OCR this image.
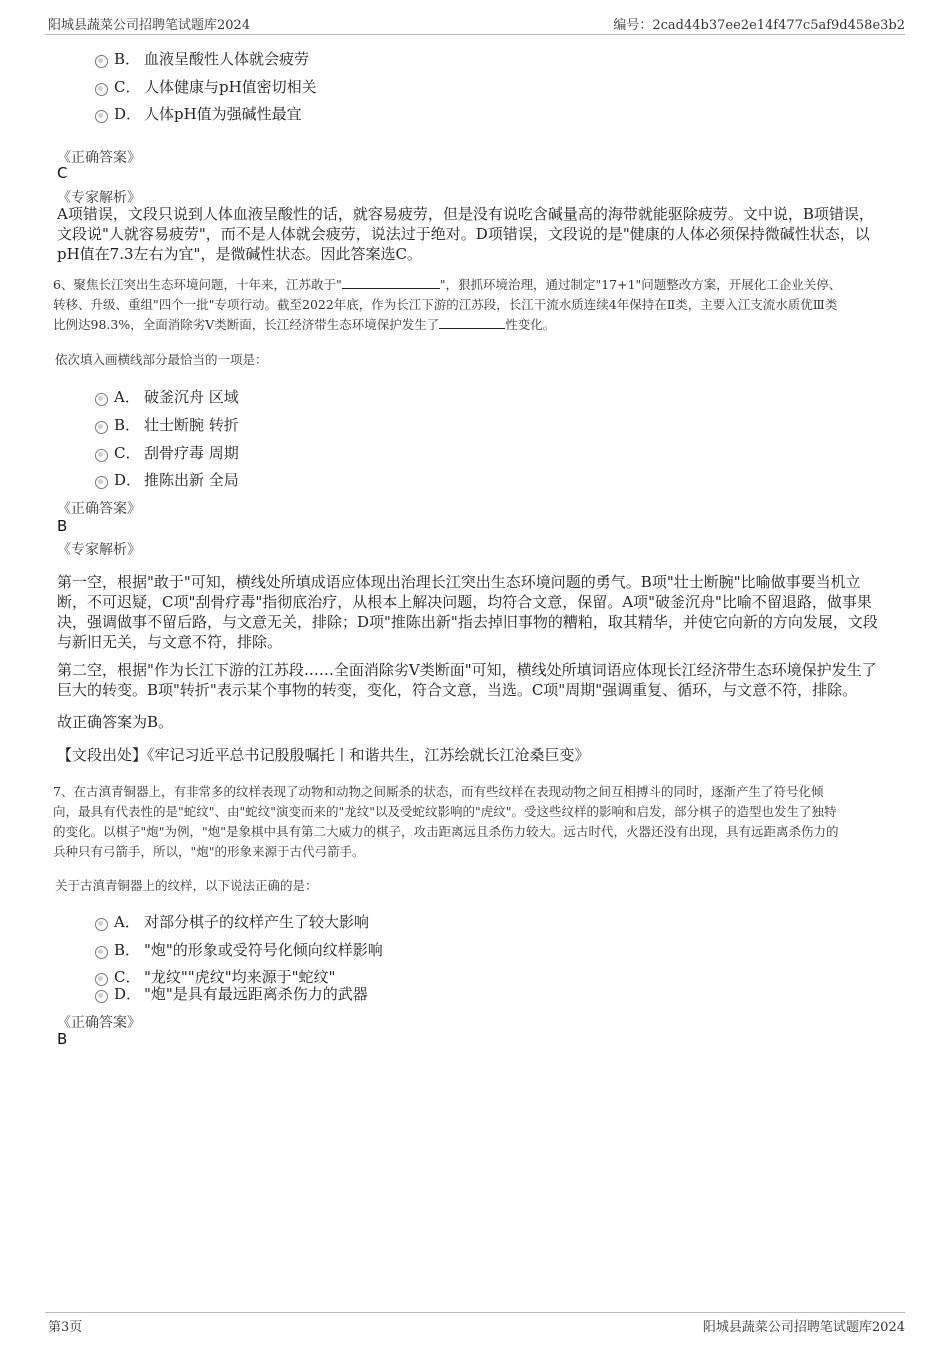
阳城县蔬菜公司招聘笔试题库2024	编号：2cad44b37ee2e14f477c5af9d458e3b2
B． 血液呈酸性人体就会疲劳
C． 人体健康与pH值密切相关
D． 人体pH值为强碱性最宜
《正确答案》
C
《专家解析》
A项错误，文段只说到人体血液呈酸性的话，就容易疲劳，但是没有说吃含碱量高的海带就能驱除疲劳。文中说，B项错误，
文段说"人就容易疲劳"，而不是人体就会疲劳，说法过于绝对。D项错误，文段说的是"健康的人体必须保持微碱性状态，以
pH值在7.3左右为宜"，是微碱性状态。因此答案选C。
6、聚焦长江突出生态环境问题，十年来，江苏敢于"	"，狠抓环境治理，通过制定"17+1"问题整改方案，开展化工企业关停、
转移、升级、重组"四个一批"专项行动。截至2022年底，作为长江下游的江苏段，长江干流水质连续4年保持在Ⅱ类，主要入江支流水质优Ⅲ类
比例达98.3%，全面消除劣V类断面，长江经济带生态环境保护发生了	性变化。
依次填入画横线部分最恰当的一项是：
A． 破釜沉舟 区域
B． 壮士断腕 转折
C． 刮骨疗毒 周期
D． 推陈出新 全局
《正确答案》
B
《专家解析》
第一空，根据"敢于"可知，横线处所填成语应体现出治理长江突出生态环境问题的勇气。B项"壮士断腕"比喻做事要当机立
断，不可迟疑，C项"刮骨疗毒"指彻底治疗，从根本上解决问题，均符合文意，保留。A项"破釜沉舟"比喻不留退路，做事果
决，强调做事不留后路，与文意无关，排除；D项"推陈出新"指去掉旧事物的糟粕，取其精华，并使它向新的方向发展，文段
与新旧无关，与文意不符，排除。
第二空，根据"作为长江下游的江苏段……全面消除劣V类断面"可知，横线处所填词语应体现长江经济带生态环境保护发生了
巨大的转变。B项"转折"表示某个事物的转变，变化，符合文意，当选。C项"周期"强调重复、循环，与文意不符，排除。
故正确答案为B。
【文段出处】《牢记习近平总书记殷殷嘱托丨和谐共生，江苏绘就长江沧桑巨变》
7、在古滇青铜器上，有非常多的纹样表现了动物和动物之间厮杀的状态，而有些纹样在表现动物之间互相搏斗的同时，逐渐产生了符号化倾
向，最具有代表性的是"蛇纹"、由"蛇纹"演变而来的"龙纹"以及受蛇纹影响的"虎纹"。受这些纹样的影响和启发，部分棋子的造型也发生了独特
的变化。以棋子"炮"为例，"炮"是象棋中具有第二大威力的棋子，攻击距离远且杀伤力较大。远古时代，火器还没有出现，具有远距离杀伤力的
兵种只有弓箭手，所以，"炮"的形象来源于古代弓箭手。
关于古滇青铜器上的纹样，以下说法正确的是：
A． 对部分棋子的纹样产生了较大影响
B． "炮"的形象或受符号化倾向纹样影响
C． "龙纹""虎纹"均来源于"蛇纹"
D． "炮"是具有最远距离杀伤力的武器
《正确答案》
B
第3页	阳城县蔬菜公司招聘笔试题库2024
